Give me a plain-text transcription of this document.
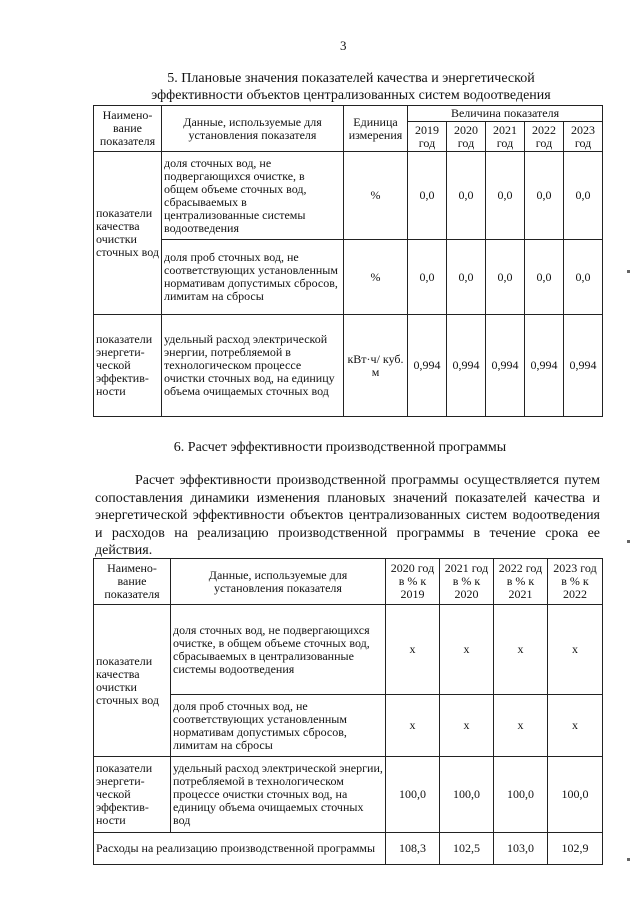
3
5. Плановые значения показателей качества и энергетической
эффективности объектов централизованных систем водоотведения
Наимено-вание показателя	Данные, используемые для установления показателя	Единица измерения	Величина показателя				
			2019 год	2020 год	2021 год	2022 год	2023 год
показатели качества очистки сточных вод	доля сточных вод, не подвергающихся очистке, в общем объеме сточных вод, сбрасываемых в централизованные системы водоотведения	%	0,0	0,0	0,0	0,0	0,0
	доля проб сточных вод, не соответствующих установленным нормативам допустимых сбросов, лимитам на сбросы	%	0,0	0,0	0,0	0,0	0,0
показатели энергети-ческой эффектив-ности	удельный расход электрической энергии, потребляемой в технологическом процессе очистки сточных вод, на единицу объема очищаемых сточных вод	кВт·ч/ куб. м	0,994	0,994	0,994	0,994	0,994
6. Расчет эффективности производственной программы

Расчет эффективности производственной программы осуществляется путем сопоставления динамики изменения плановых значений показателей качества и энергетической эффективности объектов централизованных систем водоотведения и расходов на реализацию производственной программы в течение срока ее действия.

Наимено-вание показателя	Данные, используемые для установления показателя	2020 год в % к 2019	2021 год в % к 2020	2022 год в % к 2021	2023 год в % к 2022
показатели качества очистки сточных вод	доля сточных вод, не подвергающихся очистке, в общем объеме сточных вод, сбрасываемых в централизованные системы водоотведения	x	x	x	x
	доля проб сточных вод, не соответствующих установленным нормативам допустимых сбросов, лимитам на сбросы	x	x	x	x
показатели энергети-ческой эффектив-ности	удельный расход электрической энергии, потребляемой в технологическом процессе очистки сточных вод, на единицу объема очищаемых сточных вод	100,0	100,0	100,0	100,0
Расходы на реализацию производственной программы		108,3	102,5	103,0	102,9
